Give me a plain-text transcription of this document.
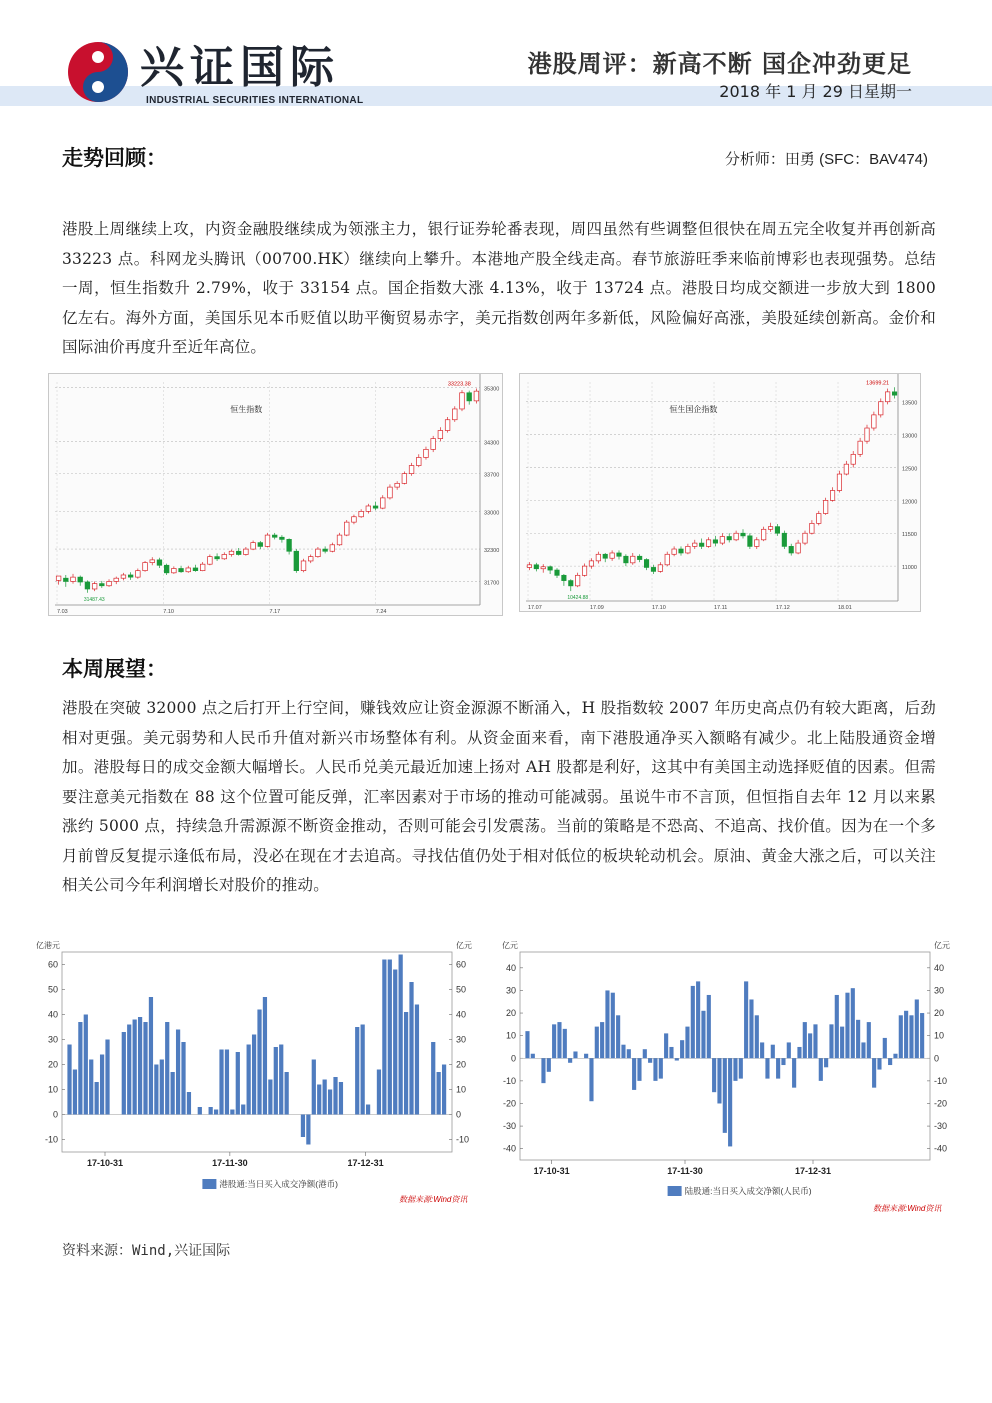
兴证国际
INDUSTRIAL SECURITIES INTERNATIONAL
港股周评：新高不断 国企冲劲更足
2018 年 1 月 29 日星期一
走势回顾：	分析师：田勇 (SFC：BAV474)
港股上周继续上攻，内资金融股继续成为领涨主力，银行证券轮番表现，周四虽然有些调整但很快在周五完全收复并再创新高 33223 点。科网龙头腾讯（00700.HK）继续向上攀升。本港地产股全线走高。春节旅游旺季来临前博彩也表现强势。总结一周，恒生指数升 2.79%，收于 33154 点。国企指数大涨 4.13%，收于 13724 点。港股日均成交额进一步放大到 1800 亿左右。海外方面，美国乐见本币贬值以助平衡贸易赤字，美元指数创两年多新低，风险偏好高涨，美股延续创新高。金价和国际油价再度升至近年高位。
31700
32300
33000
33700
34300
35300
7.03	7.10	7.17	7.24
恒生指数
33223.38
31487.43
11000
11500
12000
12500
13000
13500
17.07	17.09	17.10	17.11	17.12	18.01
恒生国企指数
13699.21
10424.88
本周展望：
港股在突破 32000 点之后打开上行空间，赚钱效应让资金源源不断涌入，H 股指数较 2007 年历史高点仍有较大距离，后劲相对更强。美元弱势和人民币升值对新兴市场整体有利。从资金面来看，南下港股通净买入额略有减少。北上陆股通资金增加。港股每日的成交金额大幅增长。人民币兑美元最近加速上扬对 AH 股都是利好，这其中有美国主动选择贬值的因素。但需要注意美元指数在 88 这个位置可能反弹，汇率因素对于市场的推动可能减弱。虽说牛市不言顶，但恒指自去年 12 月以来累涨约 5000 点，持续急升需源源不断资金推动，否则可能会引发震荡。当前的策略是不恐高、不追高、找价值。因为在一个多月前曾反复提示逢低布局，没必在现在才去追高。寻找估值仍处于相对低位的板块轮动机会。原油、黄金大涨之后，可以关注相关公司今年利润增长对股价的推动。
亿港元	亿元
-10	-10
0	0
10	10
20	20
30	30
40	40
50	50
60	60
17-10-31	17-11-30	17-12-31
港股通:当日买入成交净额(港币)
数据来源:Wind资讯
亿元	亿元
-40	-40
-30	-30
-20	-20
-10	-10
0	0
10	10
20	20
30	30
40	40
17-10-31	17-11-30	17-12-31
陆股通:当日买入成交净额(人民币)
数据来源:Wind资讯
资料来源：Wind,兴证国际
